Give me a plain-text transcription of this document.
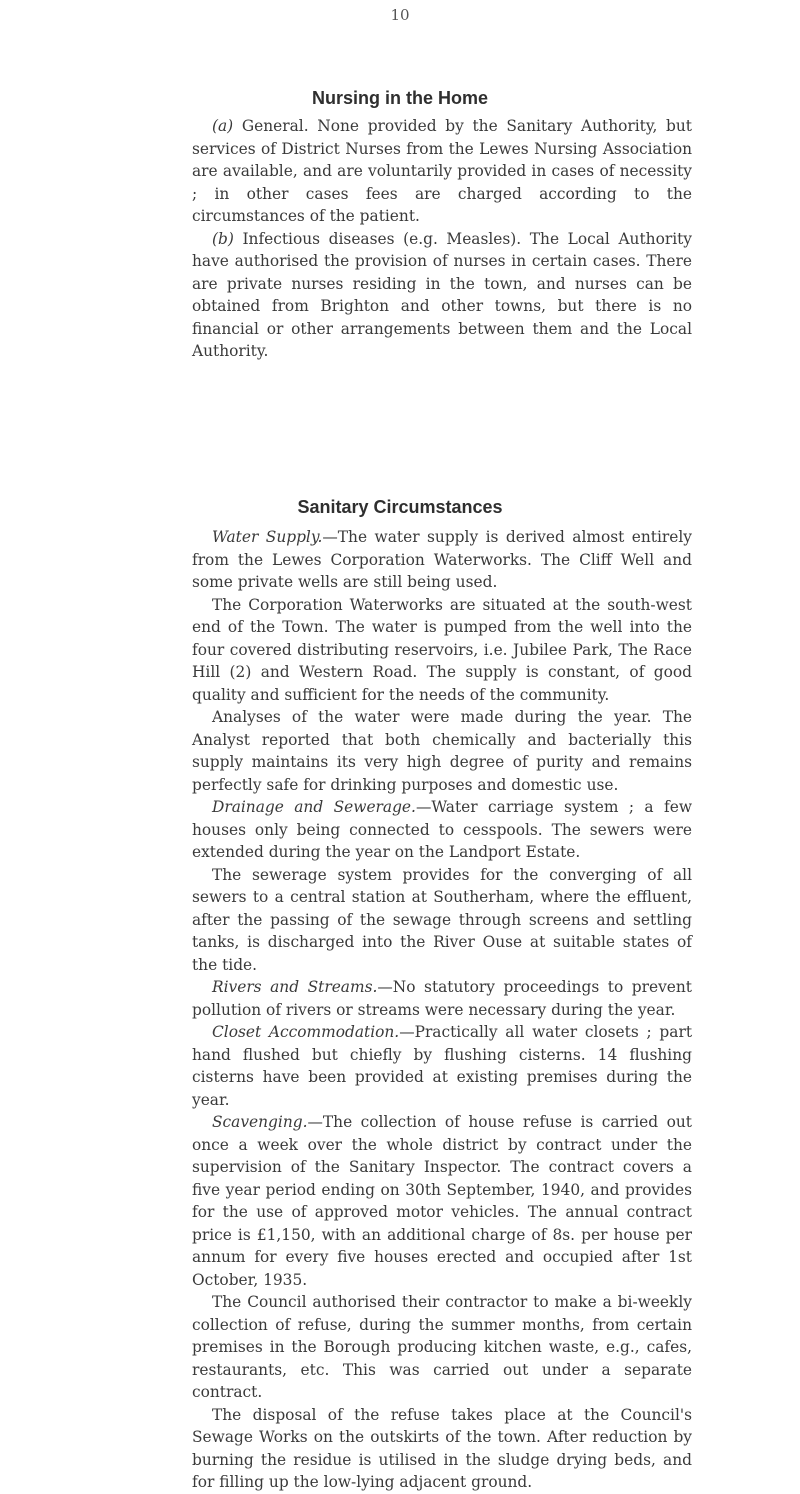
10
Nursing in the Home

(a) General. None provided by the Sanitary Authority, but services of District Nurses from the Lewes Nursing Association are available, and are voluntarily provided in cases of necessity ; in other cases fees are charged according to the circumstances of the patient.

(b) Infectious diseases (e.g. Measles). The Local Authority have authorised the provision of nurses in certain cases. There are private nurses residing in the town, and nurses can be obtained from Brighton and other towns, but there is no financial or other arrangements between them and the Local Authority.

Sanitary Circumstances

Water Supply.—The water supply is derived almost entirely from the Lewes Corporation Waterworks. The Cliff Well and some private wells are still being used.

The Corporation Waterworks are situated at the south-west end of the Town. The water is pumped from the well into the four covered distributing reservoirs, i.e. Jubilee Park, The Race Hill (2) and Western Road. The supply is constant, of good quality and sufficient for the needs of the community.

Analyses of the water were made during the year. The Analyst reported that both chemically and bacterially this supply maintains its very high degree of purity and remains perfectly safe for drinking purposes and domestic use.

Drainage and Sewerage.—Water carriage system ; a few houses only being connected to cesspools. The sewers were extended during the year on the Landport Estate.

The sewerage system provides for the converging of all sewers to a central station at Southerham, where the effluent, after the passing of the sewage through screens and settling tanks, is discharged into the River Ouse at suitable states of the tide.

Rivers and Streams.—No statutory proceedings to prevent pollution of rivers or streams were necessary during the year.

Closet Accommodation.—Practically all water closets ; part hand flushed but chiefly by flushing cisterns. 14 flushing cisterns have been provided at existing premises during the year.

Scavenging.—The collection of house refuse is carried out once a week over the whole district by contract under the supervision of the Sanitary Inspector. The contract covers a five year period ending on 30th September, 1940, and provides for the use of approved motor vehicles. The annual contract price is £1,150, with an additional charge of 8s. per house per annum for every five houses erected and occupied after 1st October, 1935.

The Council authorised their contractor to make a bi-weekly collection of refuse, during the summer months, from certain premises in the Borough producing kitchen waste, e.g., cafes, restaurants, etc. This was carried out under a separate contract.

The disposal of the refuse takes place at the Council's Sewage Works on the outskirts of the town. After reduction by burning the residue is utilised in the sludge drying beds, and for filling up the low-lying adjacent ground.
